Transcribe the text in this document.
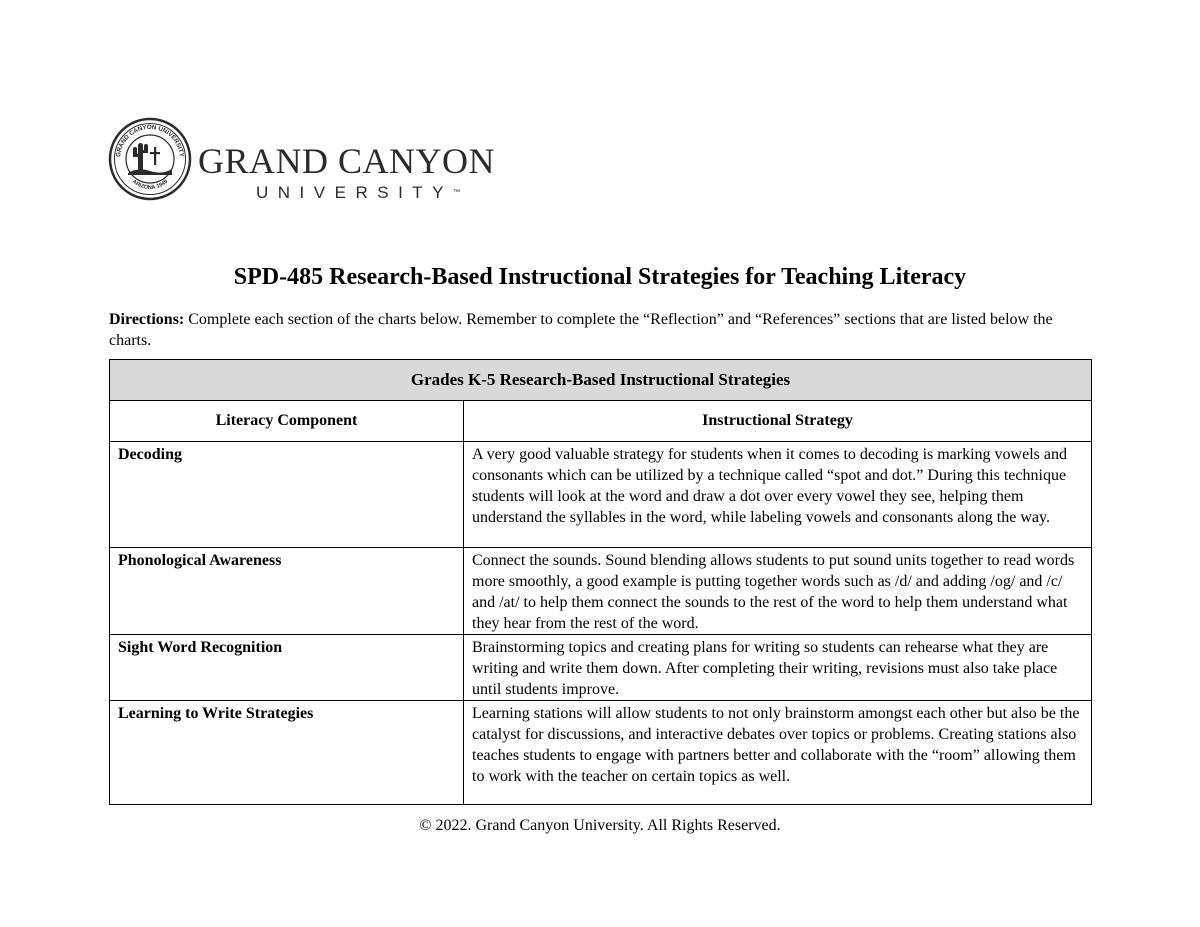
GRAND CANYON UNIVERSITY
ARIZONA 1949
GRAND CANYON
UNIVERSITY™
SPD-485 Research-Based Instructional Strategies for Teaching Literacy
Directions: Complete each section of the charts below. Remember to complete the “Reflection” and “References” sections that are listed below the charts.
Grades K-5 Research-Based Instructional Strategies	
Literacy Component	Instructional Strategy
Decoding	A very good valuable strategy for students when it comes to decoding is marking vowels and consonants which can be utilized by a technique called “spot and dot.” During this technique students will look at the word and draw a dot over every vowel they see, helping them understand the syllables in the word, while labeling vowels and consonants along the way.
Phonological Awareness	Connect the sounds. Sound blending allows students to put sound units together to read words more smoothly, a good example is putting together words such as /d/ and adding /og/ and /c/ and /at/ to help them connect the sounds to the rest of the word to help them understand what they hear from the rest of the word.
Sight Word Recognition	Brainstorming topics and creating plans for writing so students can rehearse what they are writing and write them down. After completing their writing, revisions must also take place until students improve.
Learning to Write Strategies	Learning stations will allow students to not only brainstorm amongst each other but also be the catalyst for discussions, and interactive debates over topics or problems. Creating stations also teaches students to engage with partners better and collaborate with the “room” allowing them to work with the teacher on certain topics as well.
© 2022. Grand Canyon University. All Rights Reserved.
